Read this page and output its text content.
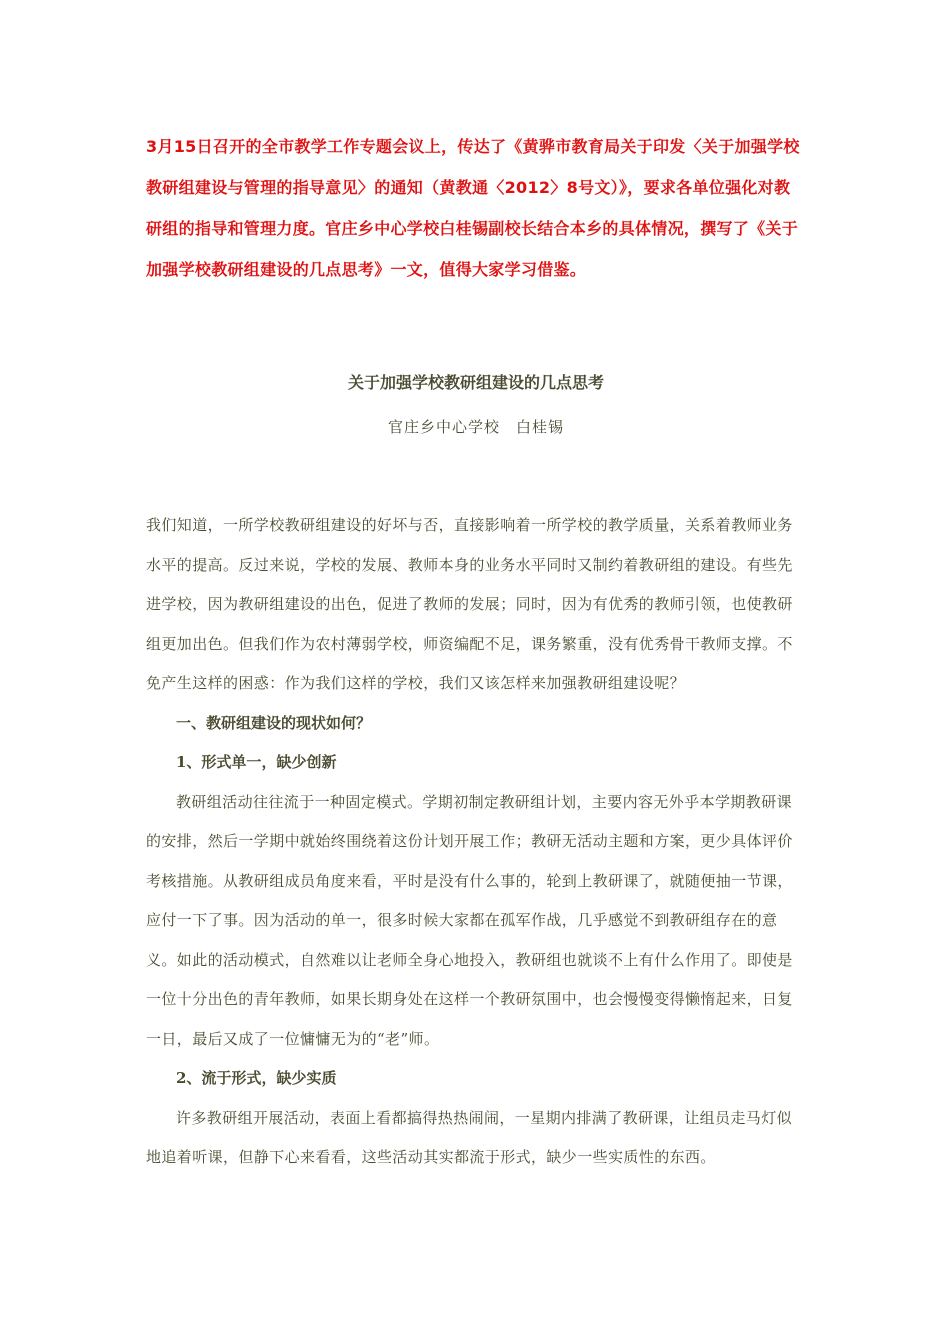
3月15日召开的全市教学工作专题会议上，传达了《黄骅市教育局关于印发〈关于加强学校教研组建设与管理的指导意见〉的通知（黄教通〈2012〉8号文）》，要求各单位强化对教研组的指导和管理力度。官庄乡中心学校白桂锡副校长结合本乡的具体情况，撰写了《关于加强学校教研组建设的几点思考》一文，值得大家学习借鉴。

关于加强学校教研组建设的几点思考

官庄乡中心学校　白桂锡

我们知道，一所学校教研组建设的好坏与否，直接影响着一所学校的教学质量，关系着教师业务水平的提高。反过来说，学校的发展、教师本身的业务水平同时又制约着教研组的建设。有些先进学校，因为教研组建设的出色，促进了教师的发展；同时，因为有优秀的教师引领，也使教研组更加出色。但我们作为农村薄弱学校，师资编配不足，课务繁重，没有优秀骨干教师支撑。不免产生这样的困惑：作为我们这样的学校，我们又该怎样来加强教研组建设呢？

一、教研组建设的现状如何？

1、形式单一，缺少创新

教研组活动往往流于一种固定模式。学期初制定教研组计划，主要内容无外乎本学期教研课的安排，然后一学期中就始终围绕着这份计划开展工作；教研无活动主题和方案，更少具体评价考核措施。从教研组成员角度来看，平时是没有什么事的，轮到上教研课了，就随便抽一节课，应付一下了事。因为活动的单一，很多时候大家都在孤军作战，几乎感觉不到教研组存在的意义。如此的活动模式，自然难以让老师全身心地投入，教研组也就谈不上有什么作用了。即使是一位十分出色的青年教师，如果长期身处在这样一个教研氛围中，也会慢慢变得懒惰起来，日复一日，最后又成了一位慵慵无为的“老”师。

2、流于形式，缺少实质

许多教研组开展活动，表面上看都搞得热热闹闹，一星期内排满了教研课，让组员走马灯似地追着听课，但静下心来看看，这些活动其实都流于形式，缺少一些实质性的东西。
